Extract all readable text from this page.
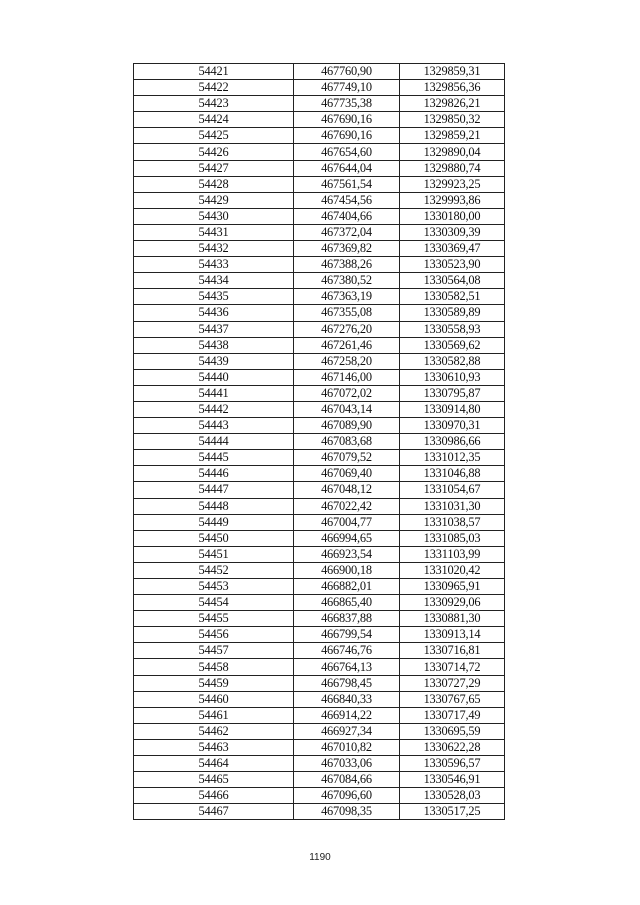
54421	467760,90	1329859,31
54422	467749,10	1329856,36
54423	467735,38	1329826,21
54424	467690,16	1329850,32
54425	467690,16	1329859,21
54426	467654,60	1329890,04
54427	467644,04	1329880,74
54428	467561,54	1329923,25
54429	467454,56	1329993,86
54430	467404,66	1330180,00
54431	467372,04	1330309,39
54432	467369,82	1330369,47
54433	467388,26	1330523,90
54434	467380,52	1330564,08
54435	467363,19	1330582,51
54436	467355,08	1330589,89
54437	467276,20	1330558,93
54438	467261,46	1330569,62
54439	467258,20	1330582,88
54440	467146,00	1330610,93
54441	467072,02	1330795,87
54442	467043,14	1330914,80
54443	467089,90	1330970,31
54444	467083,68	1330986,66
54445	467079,52	1331012,35
54446	467069,40	1331046,88
54447	467048,12	1331054,67
54448	467022,42	1331031,30
54449	467004,77	1331038,57
54450	466994,65	1331085,03
54451	466923,54	1331103,99
54452	466900,18	1331020,42
54453	466882,01	1330965,91
54454	466865,40	1330929,06
54455	466837,88	1330881,30
54456	466799,54	1330913,14
54457	466746,76	1330716,81
54458	466764,13	1330714,72
54459	466798,45	1330727,29
54460	466840,33	1330767,65
54461	466914,22	1330717,49
54462	466927,34	1330695,59
54463	467010,82	1330622,28
54464	467033,06	1330596,57
54465	467084,66	1330546,91
54466	467096,60	1330528,03
54467	467098,35	1330517,25
1190
